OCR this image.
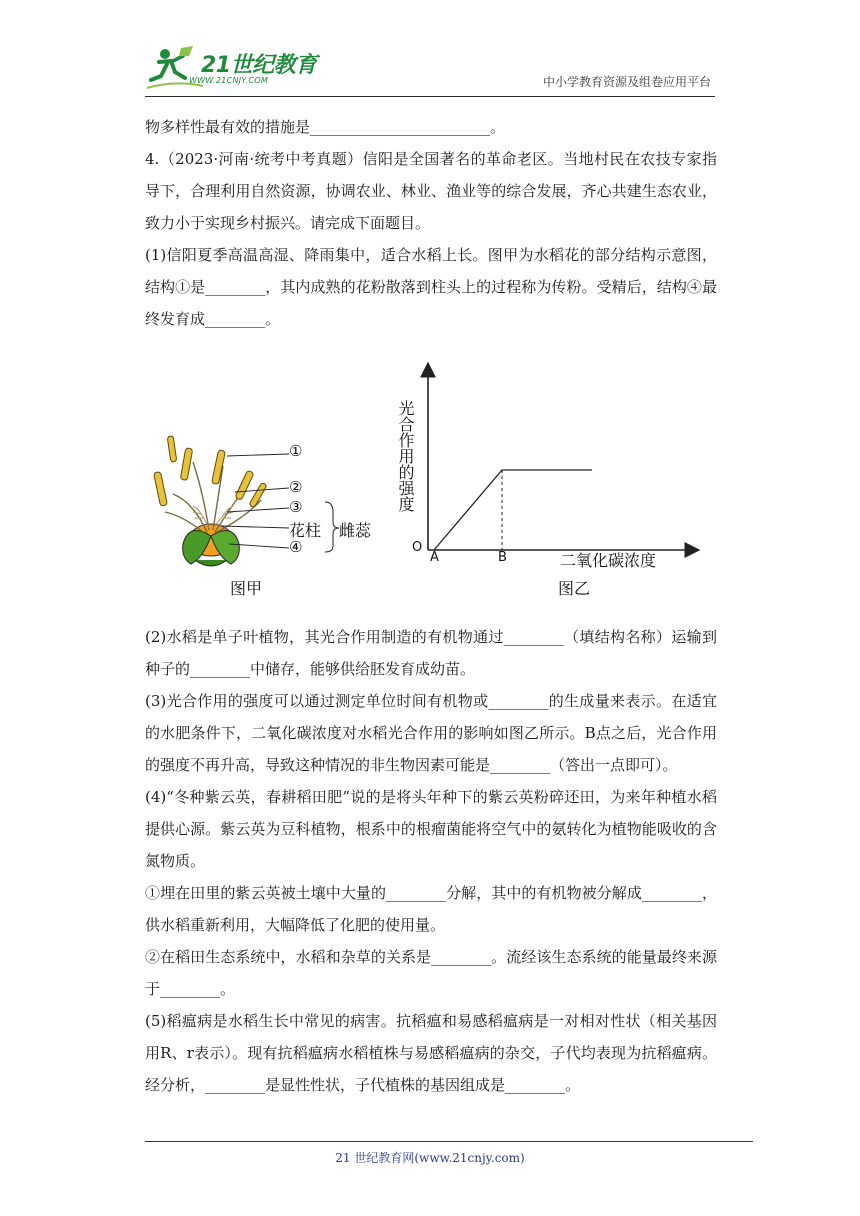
21世纪教育
WWW.21CNJY.COM	中小学教育资源及组卷应用平台

物多样性最有效的措施是________________________。

4.（2023·河南·统考中考真题）信阳是全国著名的革命老区。当地村民在农技专家指导下，合理利用自然资源，协调农业、林业、渔业等的综合发展，齐心共建生态农业，致力小于实现乡村振兴。请完成下面题目。

(1)信阳夏季高温高湿、降雨集中，适合水稻上长。图甲为水稻花的部分结构示意图，结构①是________，其内成熟的花粉散落到柱头上的过程称为传粉。受精后，结构④最终发育成________。

①
②
③
花柱
④
雌蕊
图甲
光合作用的强度
二氧化碳浓度
O
A	B
图乙

(2)水稻是单子叶植物，其光合作用制造的有机物通过________（填结构名称）运输到种子的________中储存，能够供给胚发育成幼苗。

(3)光合作用的强度可以通过测定单位时间有机物或________的生成量来表示。在适宜的水肥条件下，二氧化碳浓度对水稻光合作用的影响如图乙所示。B点之后，光合作用的强度不再升高，导致这种情况的非生物因素可能是________（答出一点即可）。

(4)“冬种紫云英，春耕稻田肥”说的是将头年种下的紫云英粉碎还田，为来年种植水稻提供心源。紫云英为豆科植物，根系中的根瘤菌能将空气中的氨转化为植物能吸收的含氮物质。

①埋在田里的紫云英被土壤中大量的________分解，其中的有机物被分解成________，供水稻重新利用，大幅降低了化肥的使用量。

②在稻田生态系统中，水稻和杂草的关系是________。流经该生态系统的能量最终来源于________。

(5)稻瘟病是水稻生长中常见的病害。抗稻瘟和易感稻瘟病是一对相对性状（相关基因用R、r表示）。现有抗稻瘟病水稻植株与易感稻瘟病的杂交，子代均表现为抗稻瘟病。经分析，________是显性性状，子代植株的基因组成是________。

21 世纪教育网(www.21cnjy.com)
